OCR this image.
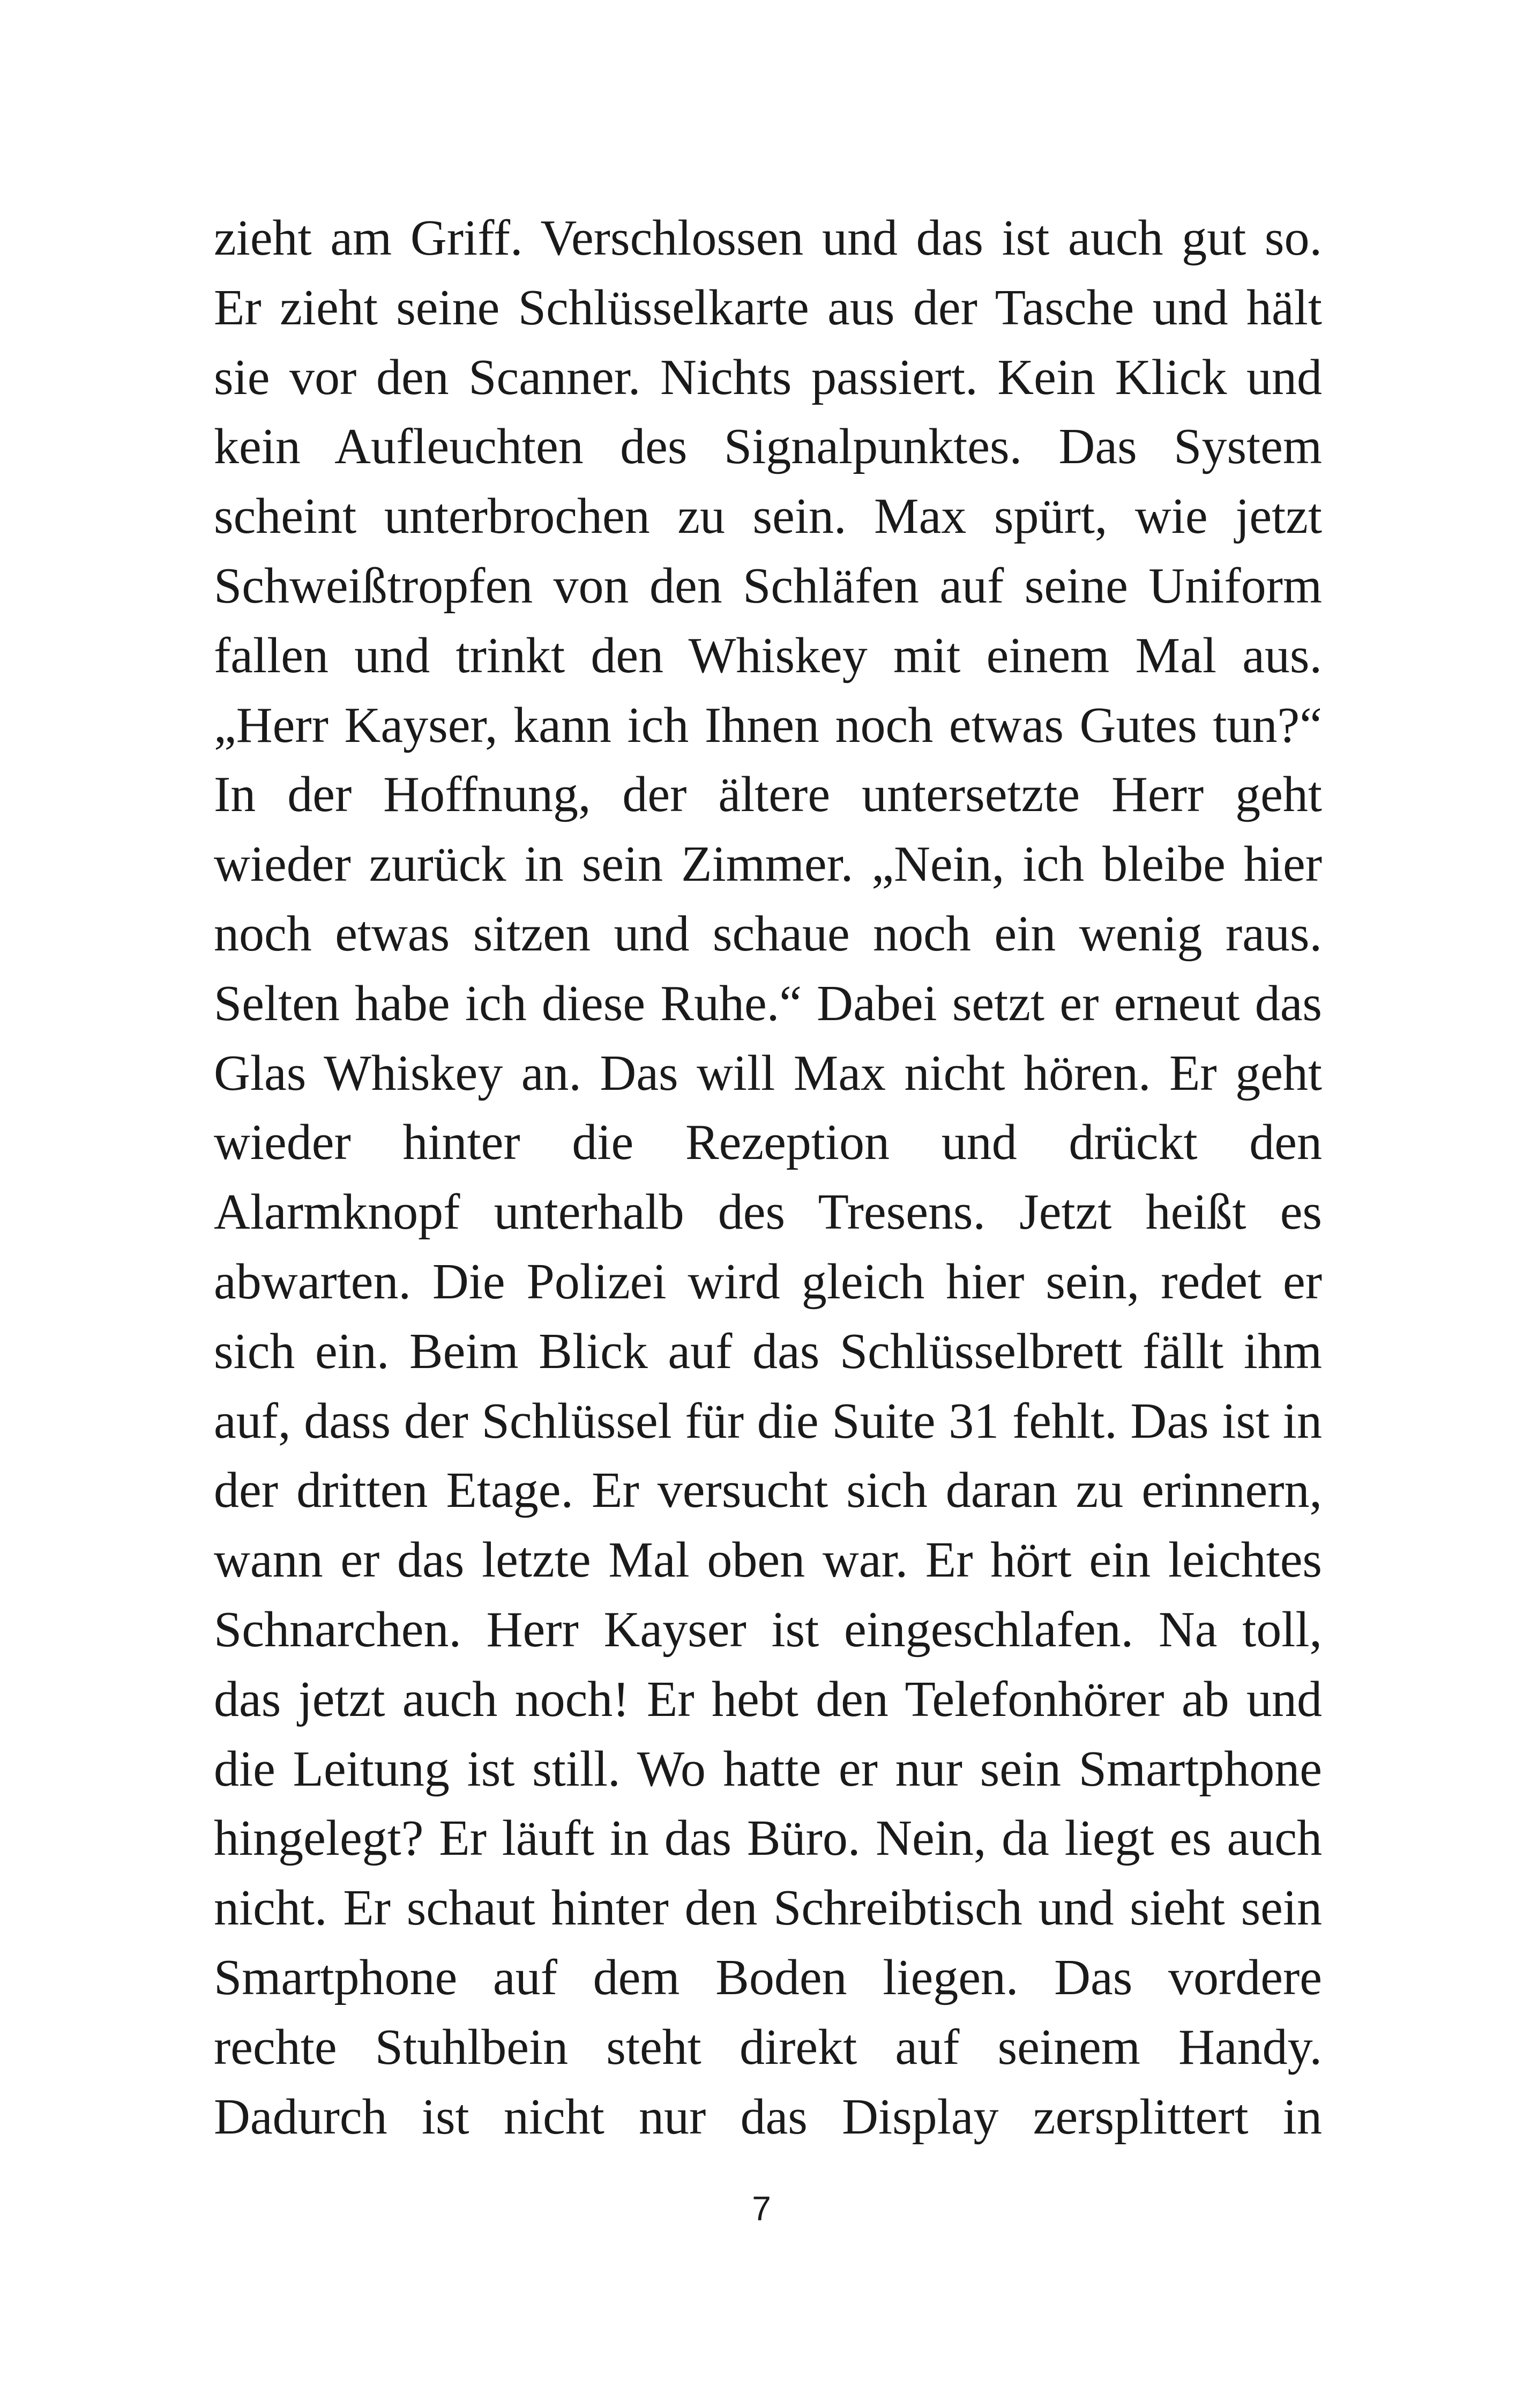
zieht am Griff. Verschlossen und das ist auch gut so.
Er zieht seine Schlüsselkarte aus der Tasche und hält
sie vor den Scanner. Nichts passiert. Kein Klick und
kein Aufleuchten des Signalpunktes. Das System
scheint unterbrochen zu sein. Max spürt, wie jetzt
Schweißtropfen von den Schläfen auf seine Uniform
fallen und trinkt den Whiskey mit einem Mal aus.
„Herr Kayser, kann ich Ihnen noch etwas Gutes tun?“
In der Hoffnung, der ältere untersetzte Herr geht
wieder zurück in sein Zimmer. „Nein, ich bleibe hier
noch etwas sitzen und schaue noch ein wenig raus.
Selten habe ich diese Ruhe.“ Dabei setzt er erneut das
Glas Whiskey an. Das will Max nicht hören. Er geht
wieder hinter die Rezeption und drückt den
Alarmknopf unterhalb des Tresens. Jetzt heißt es
abwarten. Die Polizei wird gleich hier sein, redet er
sich ein. Beim Blick auf das Schlüsselbrett fällt ihm
auf, dass der Schlüssel für die Suite 31 fehlt. Das ist in
der dritten Etage. Er versucht sich daran zu erinnern,
wann er das letzte Mal oben war. Er hört ein leichtes
Schnarchen. Herr Kayser ist eingeschlafen. Na toll,
das jetzt auch noch! Er hebt den Telefonhörer ab und
die Leitung ist still. Wo hatte er nur sein Smartphone
hingelegt? Er läuft in das Büro. Nein, da liegt es auch
nicht. Er schaut hinter den Schreibtisch und sieht sein
Smartphone auf dem Boden liegen. Das vordere
rechte Stuhlbein steht direkt auf seinem Handy.
Dadurch ist nicht nur das Display zersplittert in
7
